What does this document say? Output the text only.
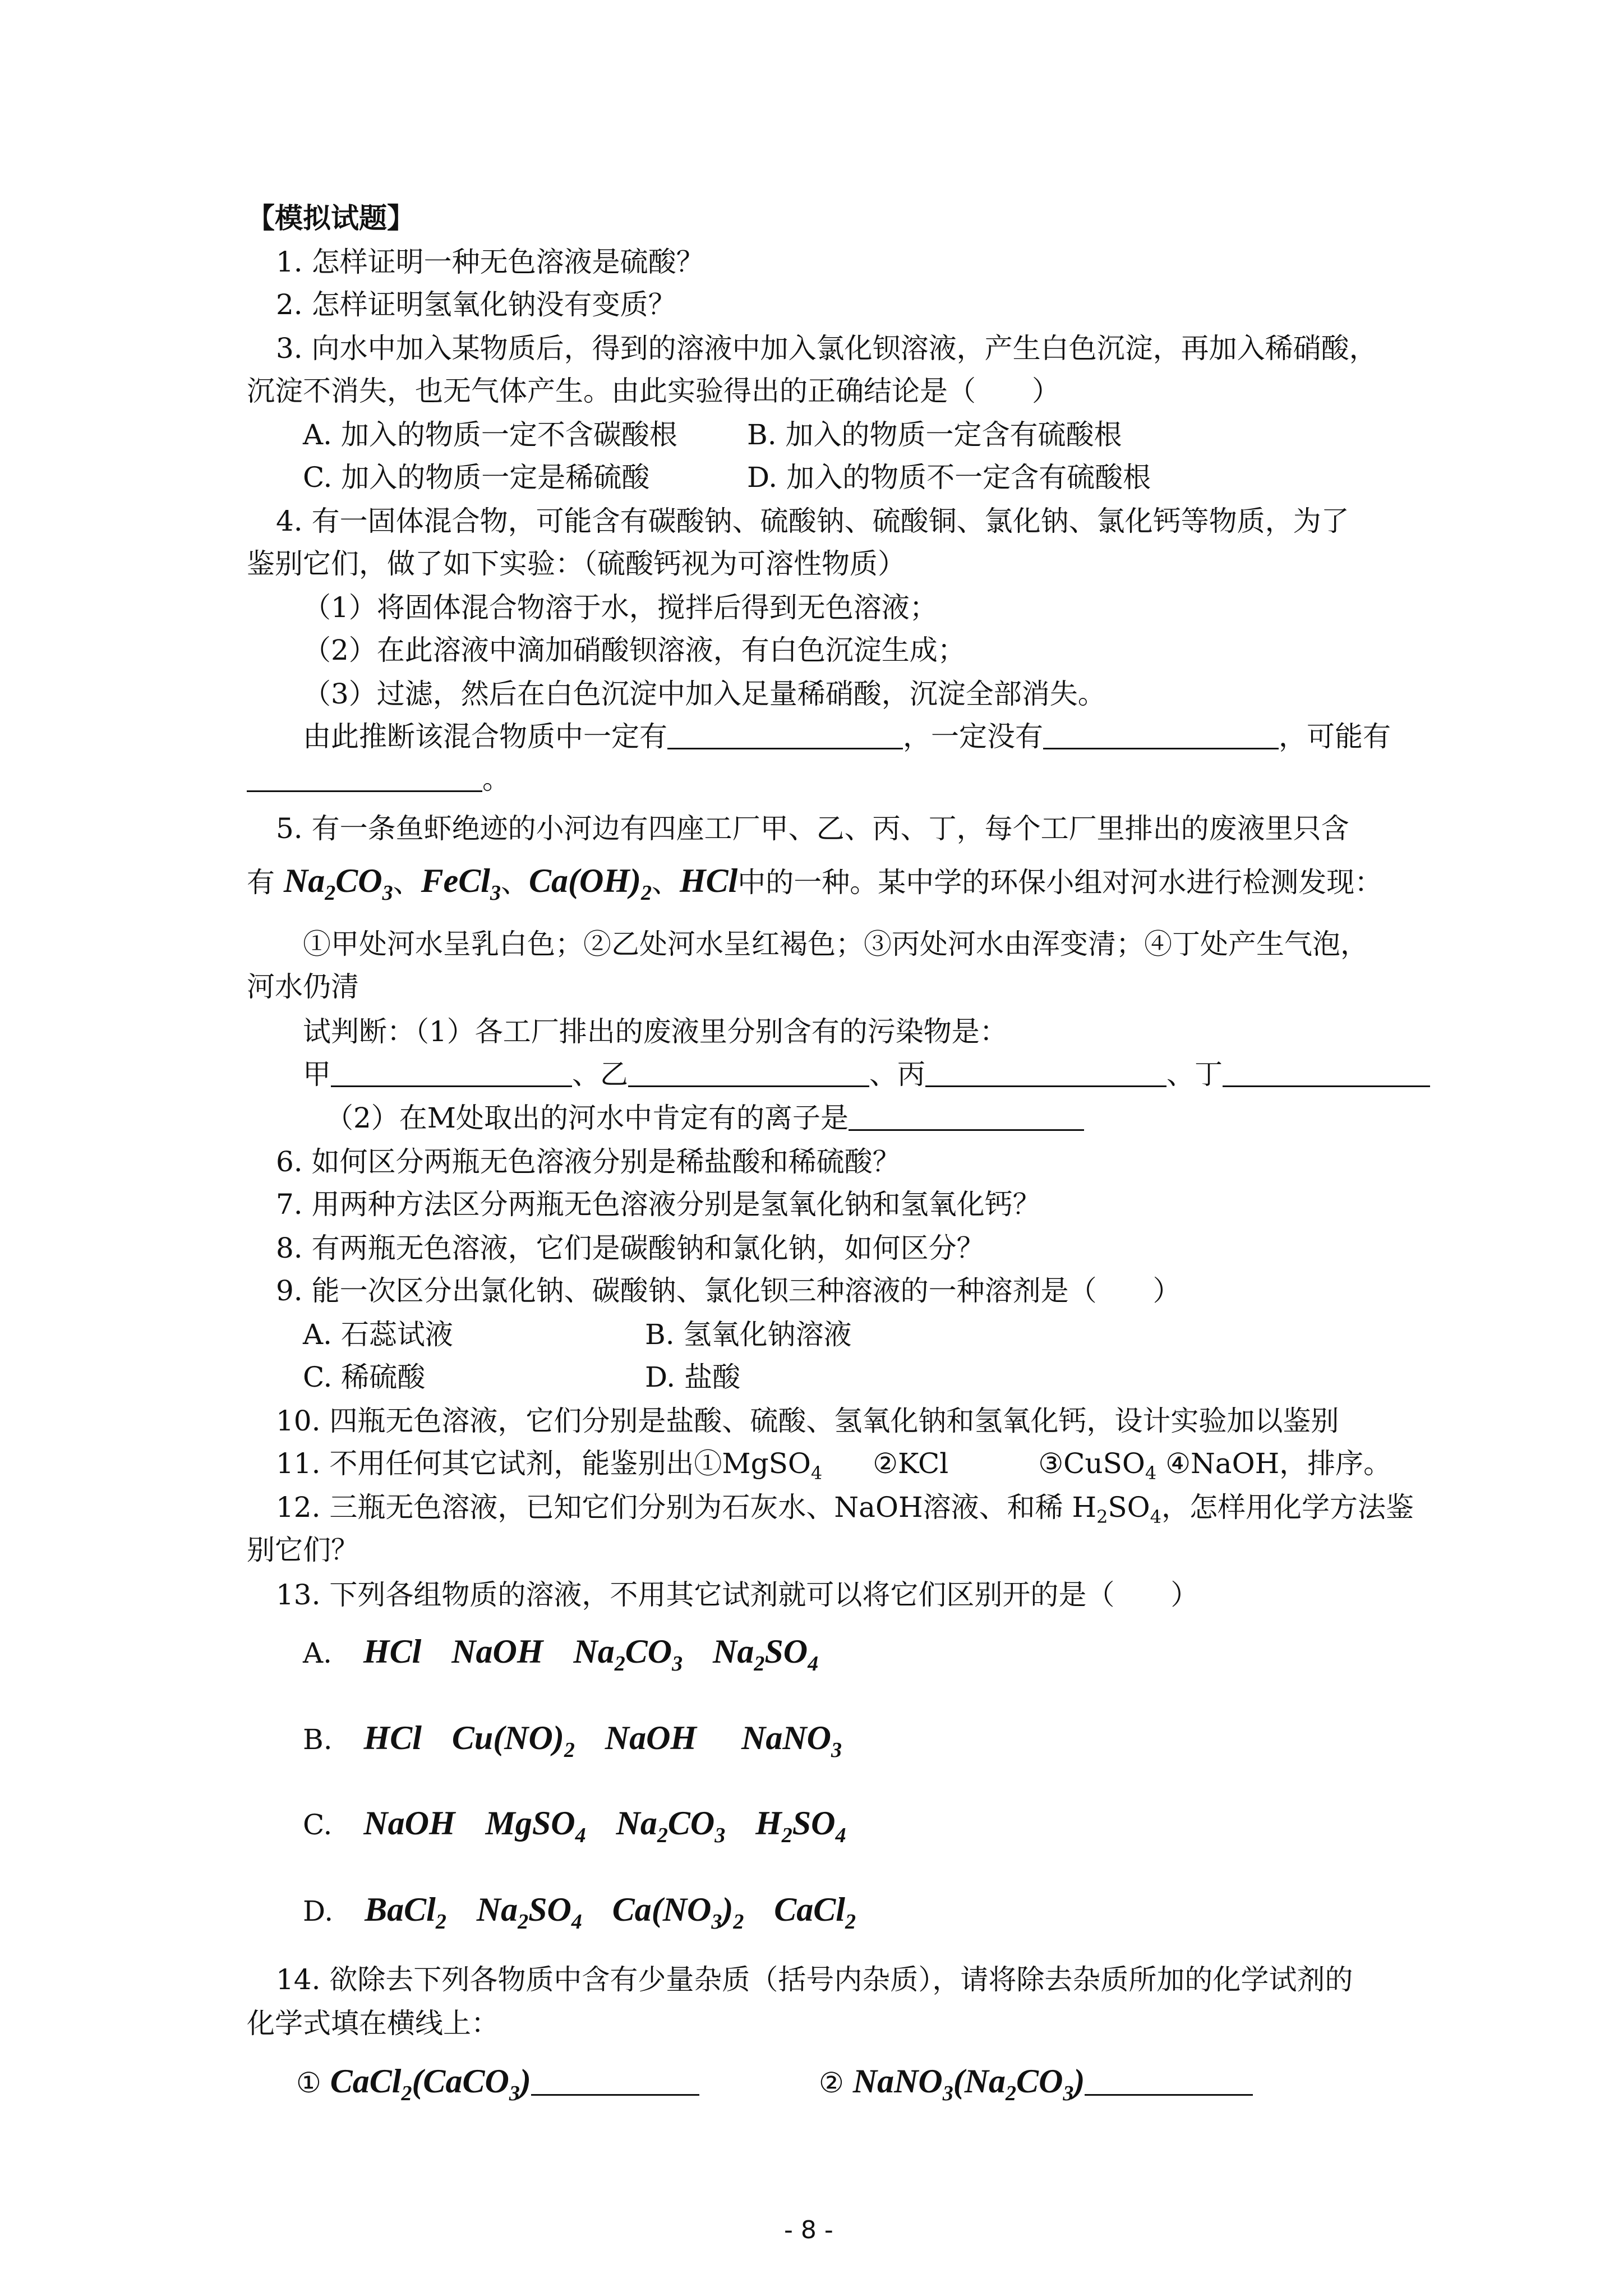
【模拟试题】
1. 怎样证明一种无色溶液是硫酸？
2. 怎样证明氢氧化钠没有变质？
3. 向水中加入某物质后，得到的溶液中加入氯化钡溶液，产生白色沉淀，再加入稀硝酸，
沉淀不消失，也无气体产生。由此实验得出的正确结论是（　　）
A. 加入的物质一定不含碳酸根 B. 加入的物质一定含有硫酸根
C. 加入的物质一定是稀硫酸	D. 加入的物质不一定含有硫酸根
4. 有一固体混合物，可能含有碳酸钠、硫酸钠、硫酸铜、氯化钠、氯化钙等物质，为了
鉴别它们，做了如下实验：（硫酸钙视为可溶性物质）
（1）将固体混合物溶于水，搅拌后得到无色溶液；
（2）在此溶液中滴加硝酸钡溶液，有白色沉淀生成；
（3）过滤，然后在白色沉淀中加入足量稀硝酸，沉淀全部消失。
由此推断该混合物质中一定有	，一定没有	，可能有
。
5. 有一条鱼虾绝迹的小河边有四座工厂甲、乙、丙、丁，每个工厂里排出的废液里只含
有 $Na_2CO_3$、FeCl$_3$、$Ca(OH)_2$、HCl中的一种。某中学的环保小组对河水进行检测发现：
①甲处河水呈乳白色；②乙处河水呈红褐色；③丙处河水由浑变清；④丁处产生气泡，
河水仍清
试判断：（1）各工厂排出的废液里分别含有的污染物是：
甲	、乙	、丙	、丁
（2）在M处取出的河水中肯定有的离子是
6. 如何区分两瓶无色溶液分别是稀盐酸和稀硫酸？
7. 用两种方法区分两瓶无色溶液分别是氢氧化钠和氢氧化钙？
8. 有两瓶无色溶液，它们是碳酸钠和氯化钠，如何区分？
9. 能一次区分出氯化钠、碳酸钠、氯化钡三种溶液的一种溶剂是（　　）
A. 石蕊试液	B. 氢氧化钠溶液
C. 稀硫酸	D. 盐酸
10. 四瓶无色溶液，它们分别是盐酸、硫酸、氢氧化钠和氢氧化钙，设计实验加以鉴别
11. 不用任何其它试剂，能鉴别出①MgSO$_4$ ②KCl	③CuSO$_4$ ④NaOH，排序。
12. 三瓶无色溶液，已知它们分别为石灰水、NaOH溶液、和稀 $H_2SO_4$，怎样用化学方法鉴
别它们？
13. 下列各组物质的溶液，不用其它试剂就可以将它们区别开的是（　　）
A. HCl NaOH $Na_2CO_3$ $Na_2SO_4$
B. HCl $Cu(NO)_2$ NaOH NaNO$_3$
C. NaOH MgSO$_4$ $Na_2CO_3$ $H_2SO_4$
D. BaCl$_2$ $Na_2SO_4$ $Ca(NO_3)_2$ CaCl$_2$
14. 欲除去下列各物质中含有少量杂质（括号内杂质），请将除去杂质所加的化学试剂的
化学式填在横线上：
① CaCl$_2$(CaCO$_3$)	② $NaNO_3(Na_2CO_3)$
- 8 -
